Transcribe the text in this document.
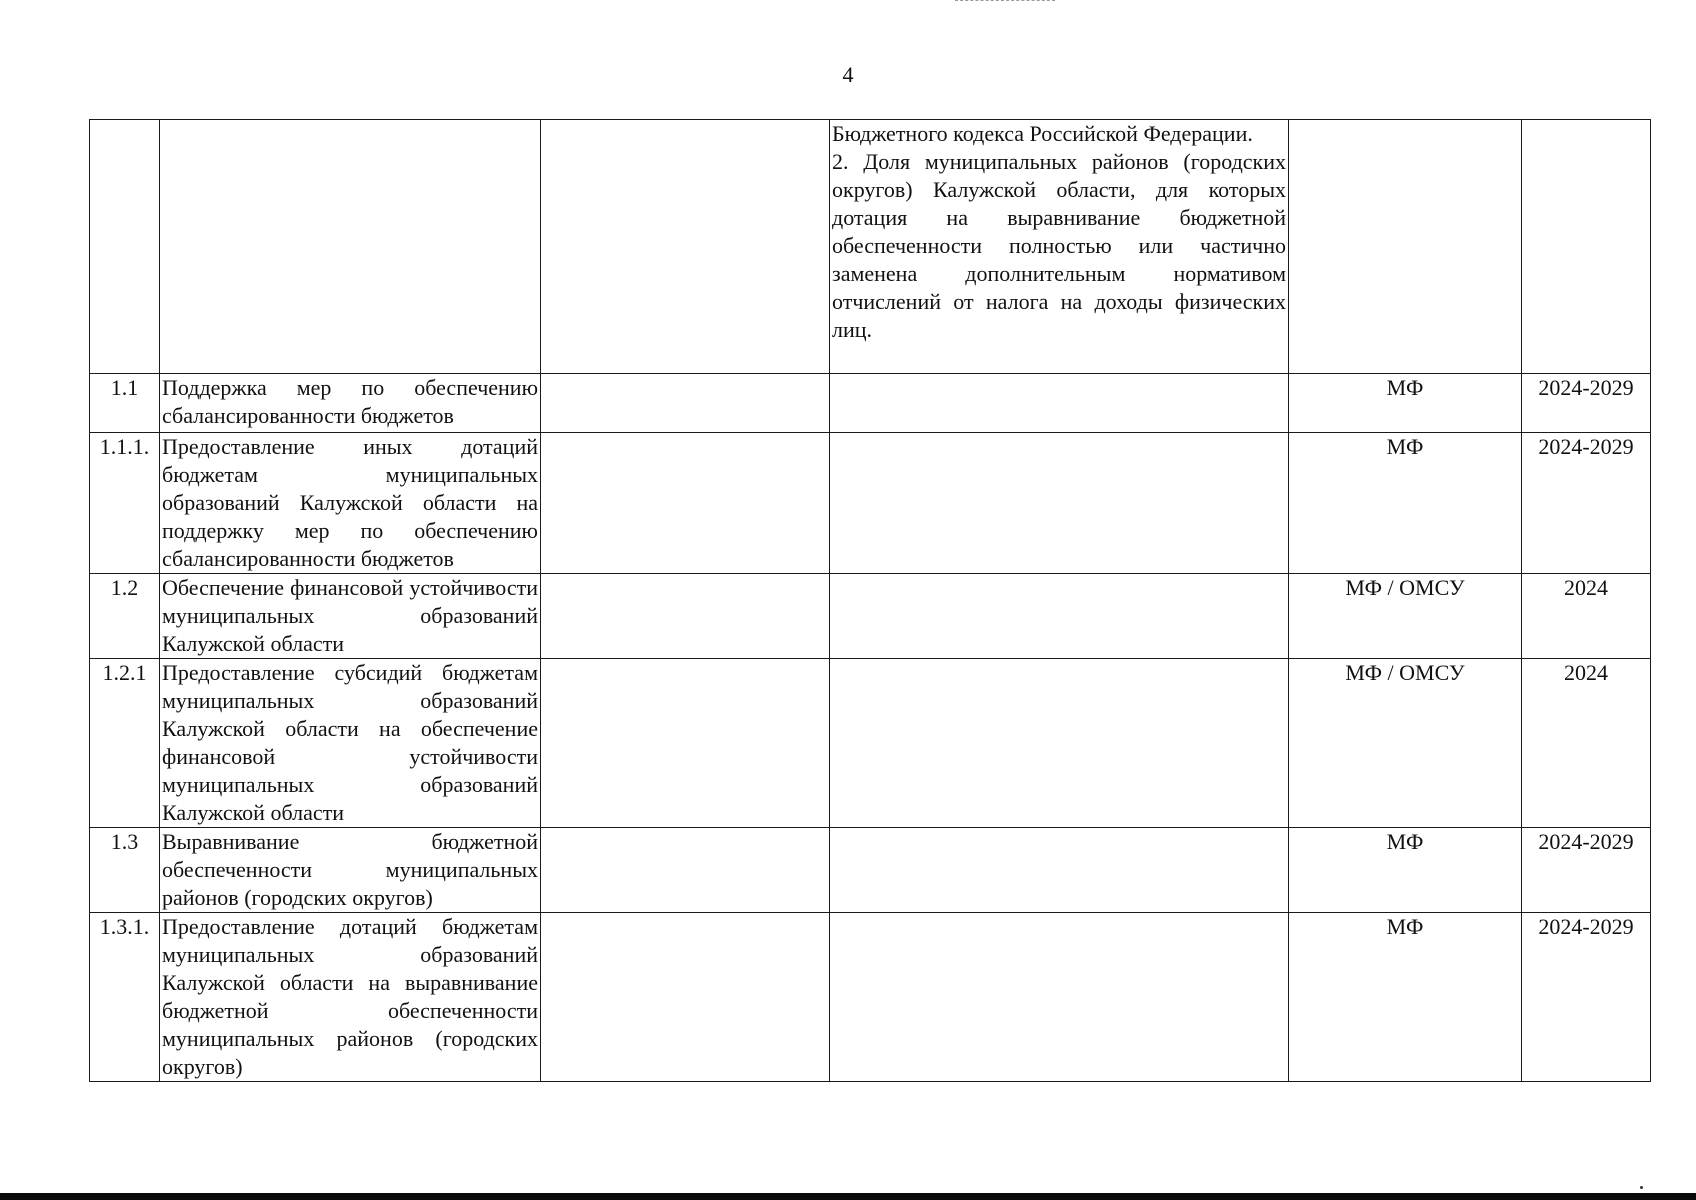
4
			Бюджетного кодекса Российской Федерации.
2. Доля муниципальных районов (городских округов) Калужской области, для которых дотация на выравнивание бюджетной обеспеченности полностью или частично заменена дополнительным нормативом отчислений от налога на доходы физических лиц.		
1.1	Поддержка мер по обеспечению сбалансированности бюджетов			МФ	2024-2029
1.1.1.	Предоставление иных дотаций бюджетам муниципальных образований Калужской области на поддержку мер по обеспечению сбалансированности бюджетов			МФ	2024-2029
1.2	Обеспечение финансовой устойчивости муниципальных образований Калужской области			МФ / ОМСУ	2024
1.2.1	Предоставление субсидий бюджетам муниципальных образований Калужской области на обеспечение финансовой устойчивости муниципальных образований Калужской области			МФ / ОМСУ	2024
1.3	Выравнивание бюджетной обеспеченности муниципальных районов (городских округов)			МФ	2024-2029
1.3.1.	Предоставление дотаций бюджетам муниципальных образований Калужской области на выравнивание бюджетной обеспеченности муниципальных районов (городских округов)			МФ	2024-2029
